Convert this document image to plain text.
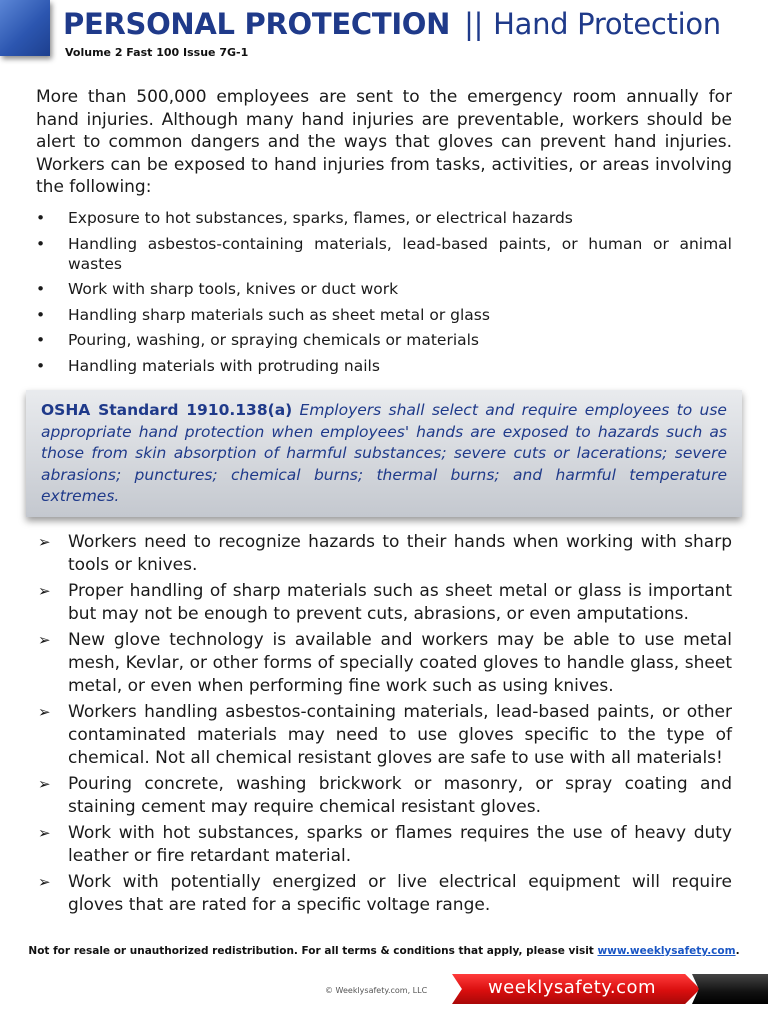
PERSONAL PROTECTION || Hand Protection
Volume 2 Fast 100 Issue 7G-1

More than 500,000 employees are sent to the emergency room annually for hand injuries. Although many hand injuries are preventable, workers should be alert to common dangers and the ways that gloves can prevent hand injuries. Workers can be exposed to hand injuries from tasks, activities, or areas involving the following:

• Exposure to hot substances, sparks, flames, or electrical hazards
• Handling asbestos-containing materials, lead-based paints, or human or animal wastes
• Work with sharp tools, knives or duct work
• Handling sharp materials such as sheet metal or glass
• Pouring, washing, or spraying chemicals or materials
• Handling materials with protruding nails
OSHA Standard 1910.138(a) Employers shall select and require employees to use appropriate hand protection when employees' hands are exposed to hazards such as those from skin absorption of harmful substances; severe cuts or lacerations; severe abrasions; punctures; chemical burns; thermal burns; and harmful temperature extremes.
➢ Workers need to recognize hazards to their hands when working with sharp tools or knives.
➢ Proper handling of sharp materials such as sheet metal or glass is important but may not be enough to prevent cuts, abrasions, or even amputations.
➢ New glove technology is available and workers may be able to use metal mesh, Kevlar, or other forms of specially coated gloves to handle glass, sheet metal, or even when performing fine work such as using knives.
➢ Workers handling asbestos-containing materials, lead-based paints, or other contaminated materials may need to use gloves specific to the type of chemical. Not all chemical resistant gloves are safe to use with all materials!
➢ Pouring concrete, washing brickwork or masonry, or spray coating and staining cement may require chemical resistant gloves.
➢ Work with hot substances, sparks or flames requires the use of heavy duty leather or fire retardant material.
➢ Work with potentially energized or live electrical equipment will require gloves that are rated for a specific voltage range.
Not for resale or unauthorized redistribution. For all terms & conditions that apply, please visit www.weeklysafety.com.
© Weeklysafety.com, LLC	weeklysafety.com
